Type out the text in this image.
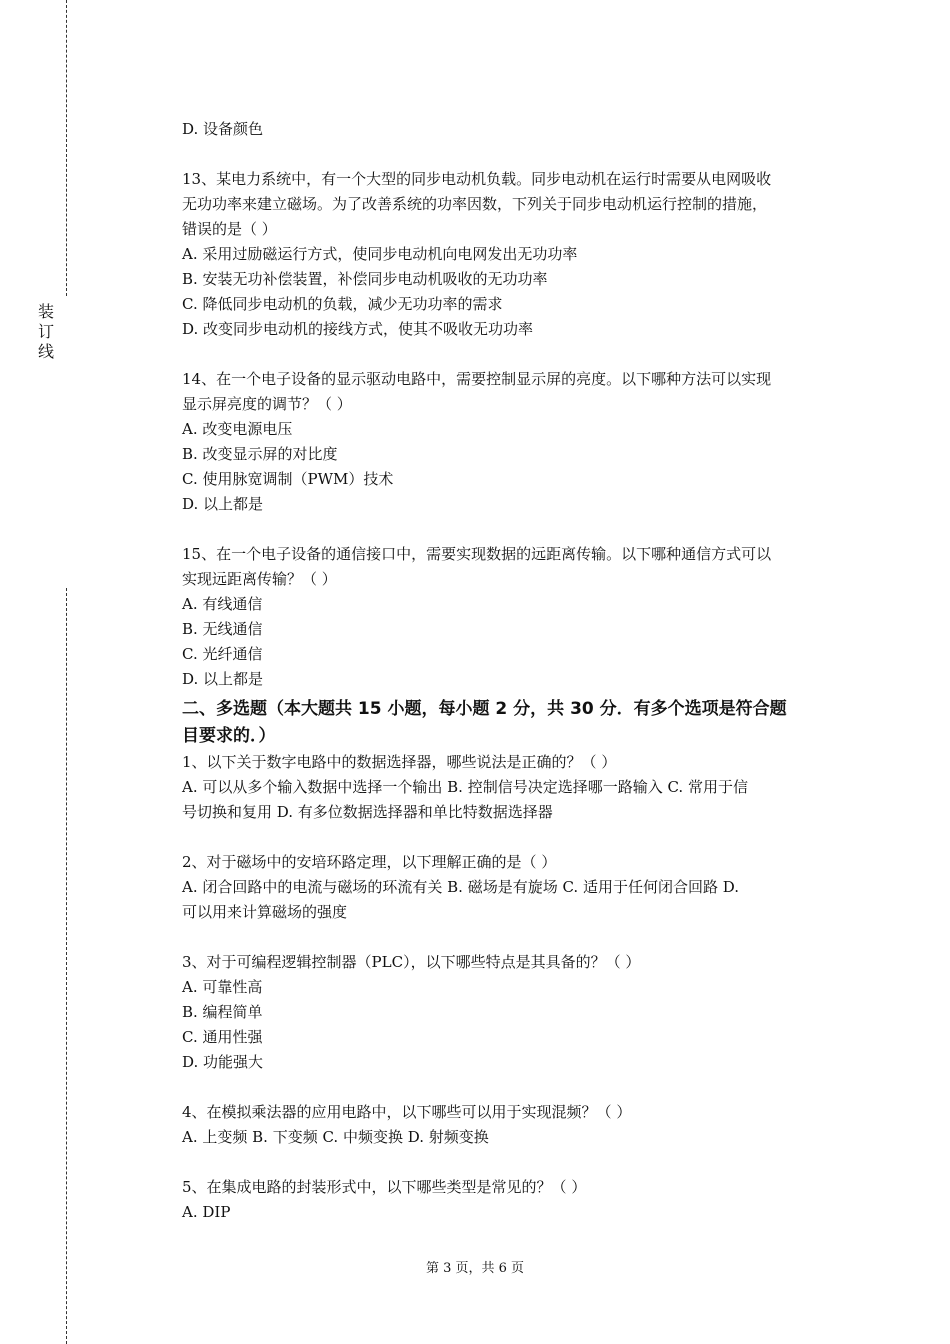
装订线

D. 设备颜色

13、某电力系统中，有一个大型的同步电动机负载。同步电动机在运行时需要从电网吸收

无功功率来建立磁场。为了改善系统的功率因数，下列关于同步电动机运行控制的措施，

错误的是（ ）

A. 采用过励磁运行方式，使同步电动机向电网发出无功功率

B. 安装无功补偿装置，补偿同步电动机吸收的无功功率

C. 降低同步电动机的负载，减少无功功率的需求

D. 改变同步电动机的接线方式，使其不吸收无功功率

14、在一个电子设备的显示驱动电路中，需要控制显示屏的亮度。以下哪种方法可以实现

显示屏亮度的调节？（ ）

A. 改变电源电压

B. 改变显示屏的对比度

C. 使用脉宽调制（PWM）技术

D. 以上都是

15、在一个电子设备的通信接口中，需要实现数据的远距离传输。以下哪种通信方式可以

实现远距离传输？（ ）

A. 有线通信

B. 无线通信

C. 光纤通信

D. 以上都是

二、多选题（本大题共 15 小题，每小题 2 分，共 30 分．有多个选项是符合题
目要求的．）

1、以下关于数字电路中的数据选择器，哪些说法是正确的？（ ）

A. 可以从多个输入数据中选择一个输出 B. 控制信号决定选择哪一路输入 C. 常用于信

号切换和复用 D. 有多位数据选择器和单比特数据选择器

2、对于磁场中的安培环路定理，以下理解正确的是（ ）

A. 闭合回路中的电流与磁场的环流有关 B. 磁场是有旋场 C. 适用于任何闭合回路 D.

可以用来计算磁场的强度

3、对于可编程逻辑控制器（PLC），以下哪些特点是其具备的？（ ）

A. 可靠性高

B. 编程简单

C. 通用性强

D. 功能强大

4、在模拟乘法器的应用电路中，以下哪些可以用于实现混频？（ ）

A. 上变频 B. 下变频 C. 中频变换 D. 射频变换

5、在集成电路的封装形式中，以下哪些类型是常见的？（ ）

A. DIP

第 3 页，共 6 页
